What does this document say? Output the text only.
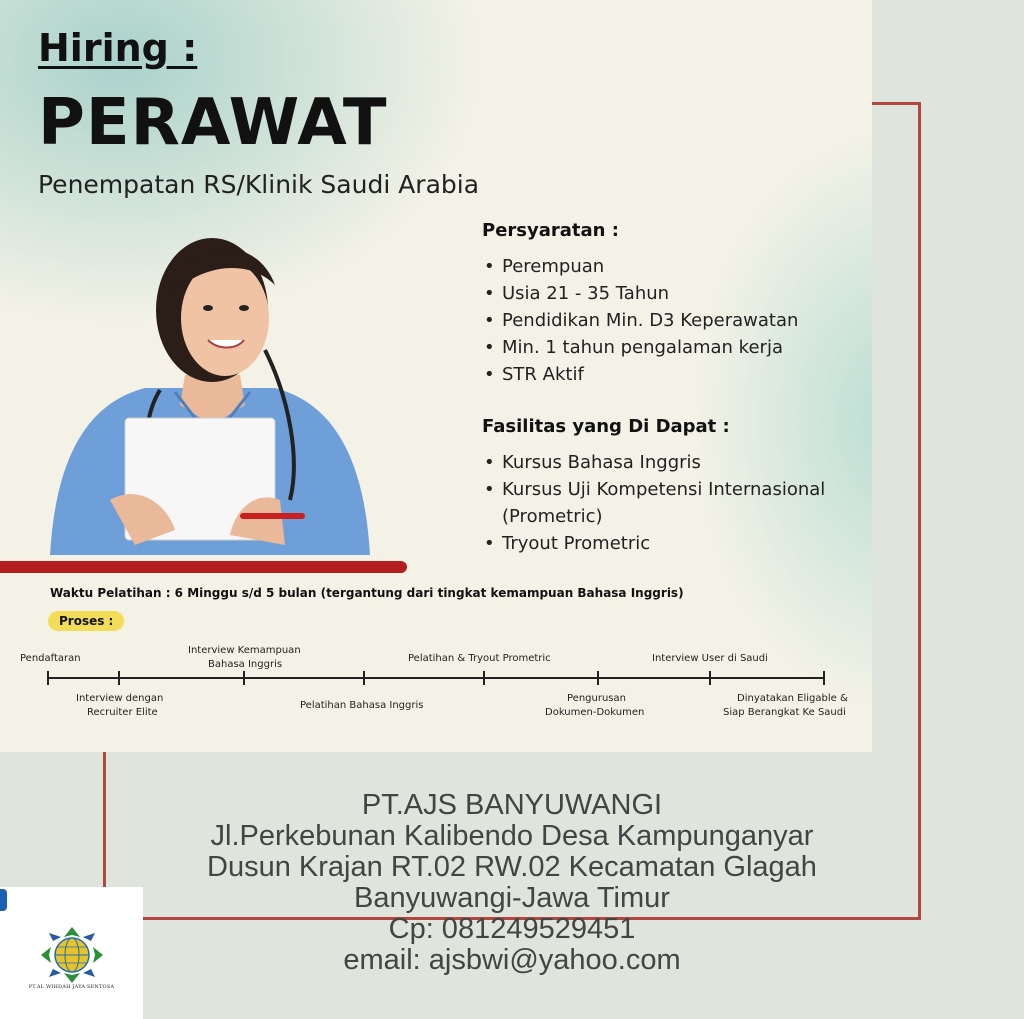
Hiring :
PERAWAT
Penempatan RS/Klinik Saudi Arabia
Persyaratan :
• Perempuan
• Usia 21 - 35 Tahun
• Pendidikan Min. D3 Keperawatan
• Min. 1 tahun pengalaman kerja
• STR Aktif
Fasilitas yang Di Dapat :
• Kursus Bahasa Inggris
• Kursus Uji Kompetensi Internasional (Prometric)
• Tryout Prometric
Waktu Pelatihan : 6 Minggu s/d 5 bulan (tergantung dari tingkat kemampuan Bahasa Inggris)
Proses :
Pendaftaran
Interview Kemampuan
Bahasa Inggris
Pelatihan & Tryout Prometric	Interview User di Saudi
Interview dengan
Recruiter Elite
Pelatihan Bahasa Inggris
Pengurusan
Dokumen-Dokumen
Dinyatakan Eligable &
Siap Berangkat Ke Saudi
PT.AJS BANYUWANGI
Jl.Perkebunan Kalibendo Desa Kampunganyar
Dusun Krajan RT.02 RW.02 Kecamatan Glagah
Banyuwangi-Jawa Timur
Cp: 081249529451
email: ajsbwi@yahoo.com
PT.AL WIHDAH JAYA SENTOSA
